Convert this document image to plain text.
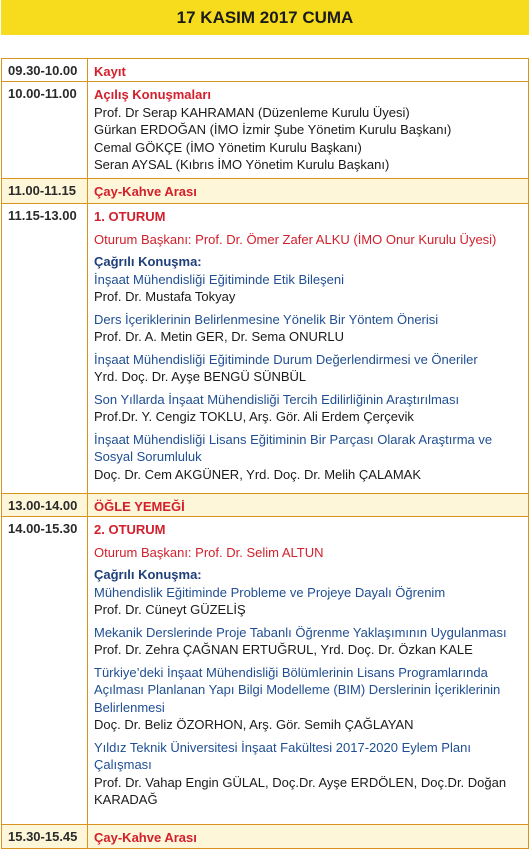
17 KASIM 2017 CUMA
09.30-10.00	Kayıt
10.00-11.00	Açılış Konuşmaları
Prof. Dr Serap KAHRAMAN (Düzenleme Kurulu Üyesi)
Gürkan ERDOĞAN (İMO İzmir Şube Yönetim Kurulu Başkanı)
Cemal GÖKÇE (İMO Yönetim Kurulu Başkanı)
Seran AYSAL (Kıbrıs İMO Yönetim Kurulu Başkanı)
11.00-11.15	Çay-Kahve Arası
11.15-13.00	1. OTURUM
Oturum Başkanı: Prof. Dr. Ömer Zafer ALKU (İMO Onur Kurulu Üyesi)
Çağrılı Konuşma:
İnşaat Mühendisliği Eğitiminde Etik Bileşeni
Prof. Dr. Mustafa Tokyay
Ders İçeriklerinin Belirlenmesine Yönelik Bir Yöntem Önerisi
Prof. Dr. A. Metin GER, Dr. Sema ONURLU
İnşaat Mühendisliği Eğitiminde Durum Değerlendirmesi ve Öneriler
Yrd. Doç. Dr. Ayşe BENGÜ SÜNBÜL
Son Yıllarda İnşaat Mühendisliği Tercih Edilirliğinin Araştırılması
Prof.Dr. Y. Cengiz TOKLU, Arş. Gör. Ali Erdem Çerçevik
İnşaat Mühendisliği Lisans Eğitiminin Bir Parçası Olarak Araştırma ve Sosyal Sorumluluk
Doç. Dr. Cem AKGÜNER, Yrd. Doç. Dr. Melih ÇALAMAK
13.00-14.00	ÖĞLE YEMEĞİ
14.00-15.30	2. OTURUM
Oturum Başkanı: Prof. Dr. Selim ALTUN
Çağrılı Konuşma:
Mühendislik Eğitiminde Probleme ve Projeye Dayalı Öğrenim
Prof. Dr. Cüneyt GÜZELİŞ
Mekanik Derslerinde Proje Tabanlı Öğrenme Yaklaşımının Uygulanması
Prof. Dr. Zehra ÇAĞNAN ERTUĞRUL, Yrd. Doç. Dr. Özkan KALE
Türkiye’deki İnşaat Mühendisliği Bölümlerinin Lisans Programlarında Açılması Planlanan Yapı Bilgi Modelleme (BIM) Derslerinin İçeriklerinin Belirlenmesi
Doç. Dr. Beliz ÖZORHON, Arş. Gör. Semih ÇAĞLAYAN
Yıldız Teknik Üniversitesi İnşaat Fakültesi 2017-2020 Eylem Planı Çalışması
Prof. Dr. Vahap Engin GÜLAL, Doç.Dr. Ayşe ERDÖLEN, Doç.Dr. Doğan KARADAĞ
15.30-15.45	Çay-Kahve Arası
